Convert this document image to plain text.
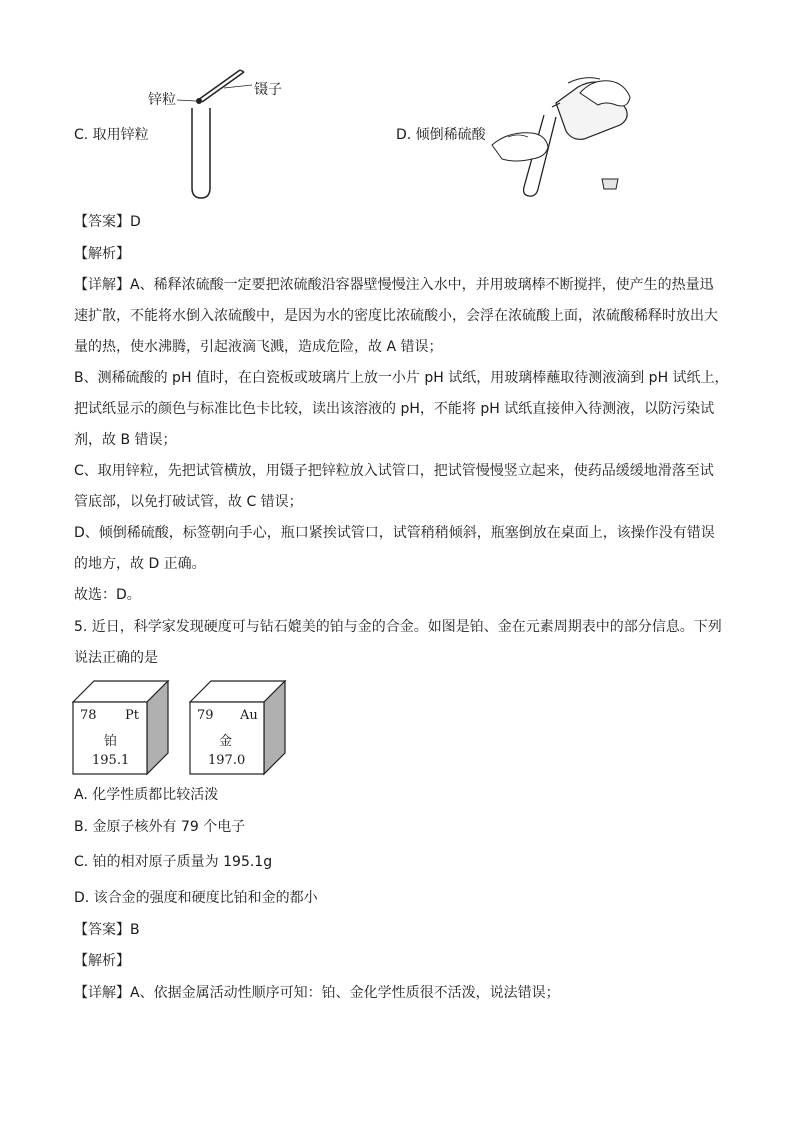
锌粒
镊子
C. 取用锌粒	D. 倾倒稀硫酸
【答案】D
【解析】
【详解】A、稀释浓硫酸一定要把浓硫酸沿容器壁慢慢注入水中，并用玻璃棒不断搅拌，使产生的热量迅
速扩散，不能将水倒入浓硫酸中，是因为水的密度比浓硫酸小，会浮在浓硫酸上面，浓硫酸稀释时放出大
量的热，使水沸腾，引起液滴飞溅，造成危险，故 A 错误；
B、测稀硫酸的 pH 值时，在白瓷板或玻璃片上放一小片 pH 试纸，用玻璃棒蘸取待测液滴到 pH 试纸上，
把试纸显示的颜色与标准比色卡比较，读出该溶液的 pH，不能将 pH 试纸直接伸入待测液，以防污染试
剂，故 B 错误；
C、取用锌粒，先把试管横放，用镊子把锌粒放入试管口，把试管慢慢竖立起来，使药品缓缓地滑落至试
管底部，以免打破试管，故 C 错误；
D、倾倒稀硫酸，标签朝向手心，瓶口紧挨试管口，试管稍稍倾斜，瓶塞倒放在桌面上，该操作没有错误
的地方，故 D 正确。
故选：D。
5. 近日，科学家发现硬度可与钻石媲美的铂与金的合金。如图是铂、金在元素周期表中的部分信息。下列
说法正确的是
78 Pt
铂
195.1
79 Au
金
197.0
A. 化学性质都比较活泼
B. 金原子核外有 79 个电子
C. 铂的相对原子质量为 195.1g
D. 该合金的强度和硬度比铂和金的都小
【答案】B
【解析】
【详解】A、依据金属活动性顺序可知：铂、金化学性质很不活泼，说法错误；
